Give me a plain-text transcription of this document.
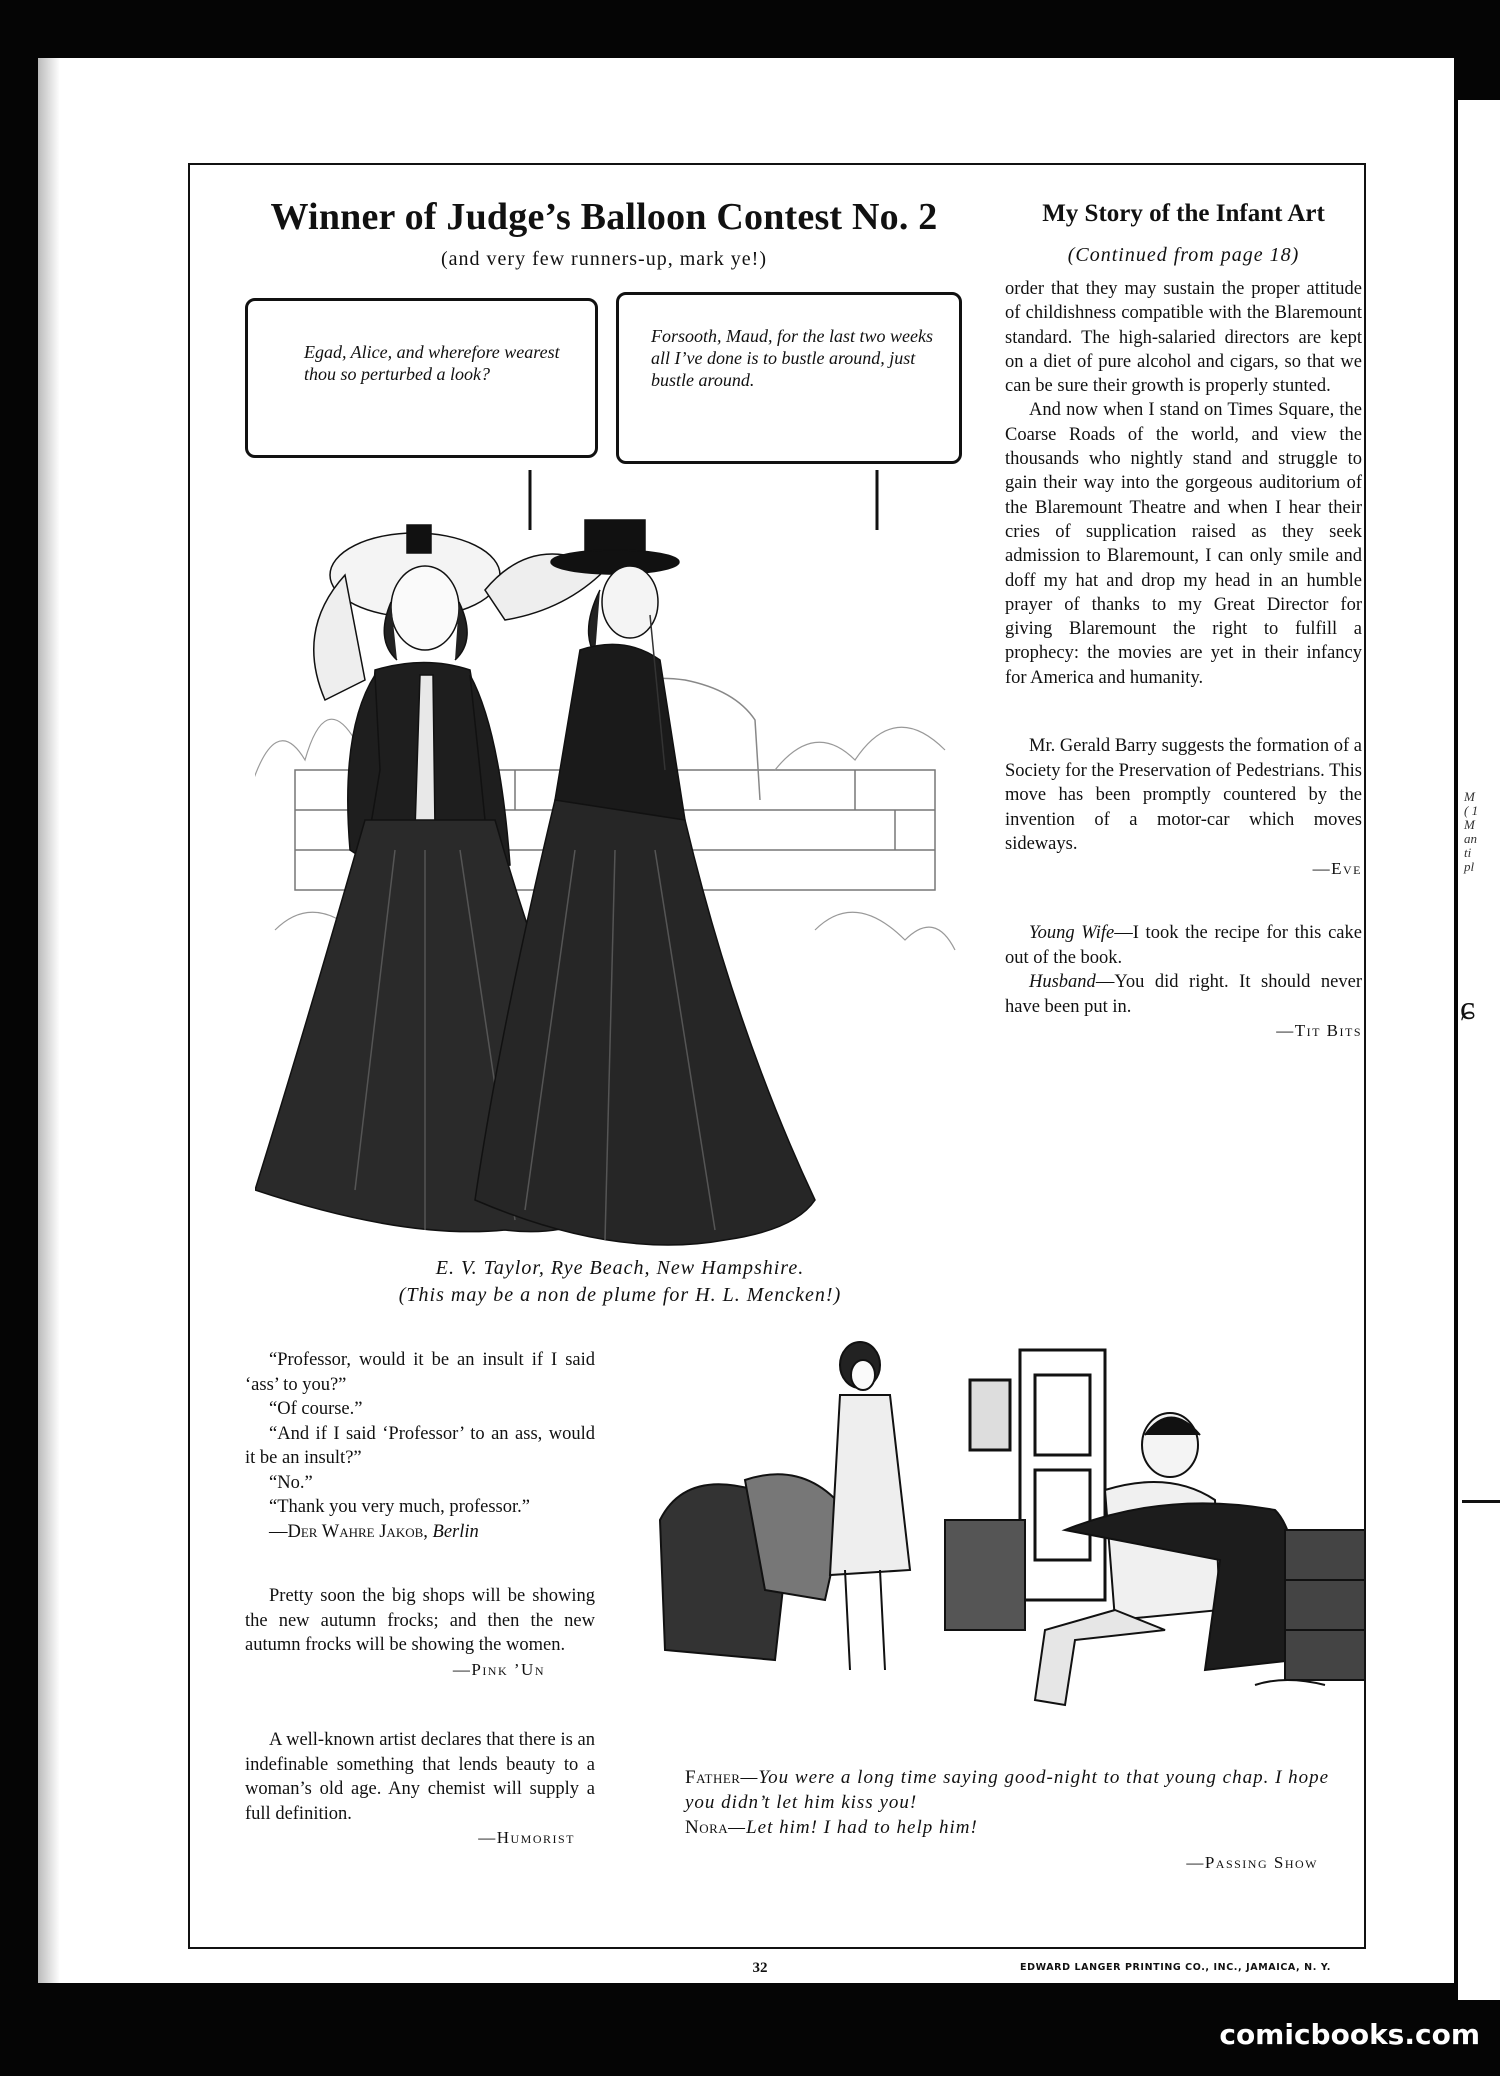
M
( 1
M
an
ti
pl
ɕ
Winner of Judge’s Balloon Contest No. 2
(and very few runners-up, mark ye!)
Egad, Alice, and wherefore wearest thou so perturbed a look?
Forsooth, Maud, for the last two weeks all I’ve done is to bustle around, just bustle around.
E. V. Taylor, Rye Beach, New Hampshire.
(This may be a non de plume for H. L. Mencken!)
My Story of the Infant Art
(Continued from page 18)

order that they may sustain the proper attitude of childishness compatible with the Blaremount standard. The high-salaried directors are kept on a diet of pure alcohol and cigars, so that we can be sure their growth is properly stunted.

And now when I stand on Times Square, the Coarse Roads of the world, and view the thousands who nightly stand and struggle to gain their way into the gorgeous auditorium of the Blaremount Theatre and when I hear their cries of supplication raised as they seek admission to Blaremount, I can only smile and doff my hat and drop my head in an humble prayer of thanks to my Great Director for giving Blaremount the right to fulfill a prophecy: the movies are yet in their infancy for America and humanity.

Mr. Gerald Barry suggests the formation of a Society for the Preservation of Pedestrians. This move has been promptly countered by the invention of a motor-car which moves sideways.

—Eve

Young Wife—I took the recipe for this cake out of the book.

Husband—You did right. It should never have been put in.

—Tit Bits

“Professor, would it be an insult if I said ‘ass’ to you?”

“Of course.”

“And if I said ‘Professor’ to an ass, would it be an insult?”

“No.”

“Thank you very much, professor.”

—Der Wahre Jakob, Berlin

Pretty soon the big shops will be showing the new autumn frocks; and then the new autumn frocks will be showing the women.

—Pink ’Un

A well-known artist declares that there is an indefinable something that lends beauty to a woman’s old age. Any chemist will supply a full definition.

—Humorist
Father—You were a long time saying good-night to that young chap. I hope you didn’t let him kiss you!
Nora—Let him! I had to help him!
—Passing Show
32	EDWARD LANGER PRINTING CO., INC., JAMAICA, N. Y.
comicbooks.com
